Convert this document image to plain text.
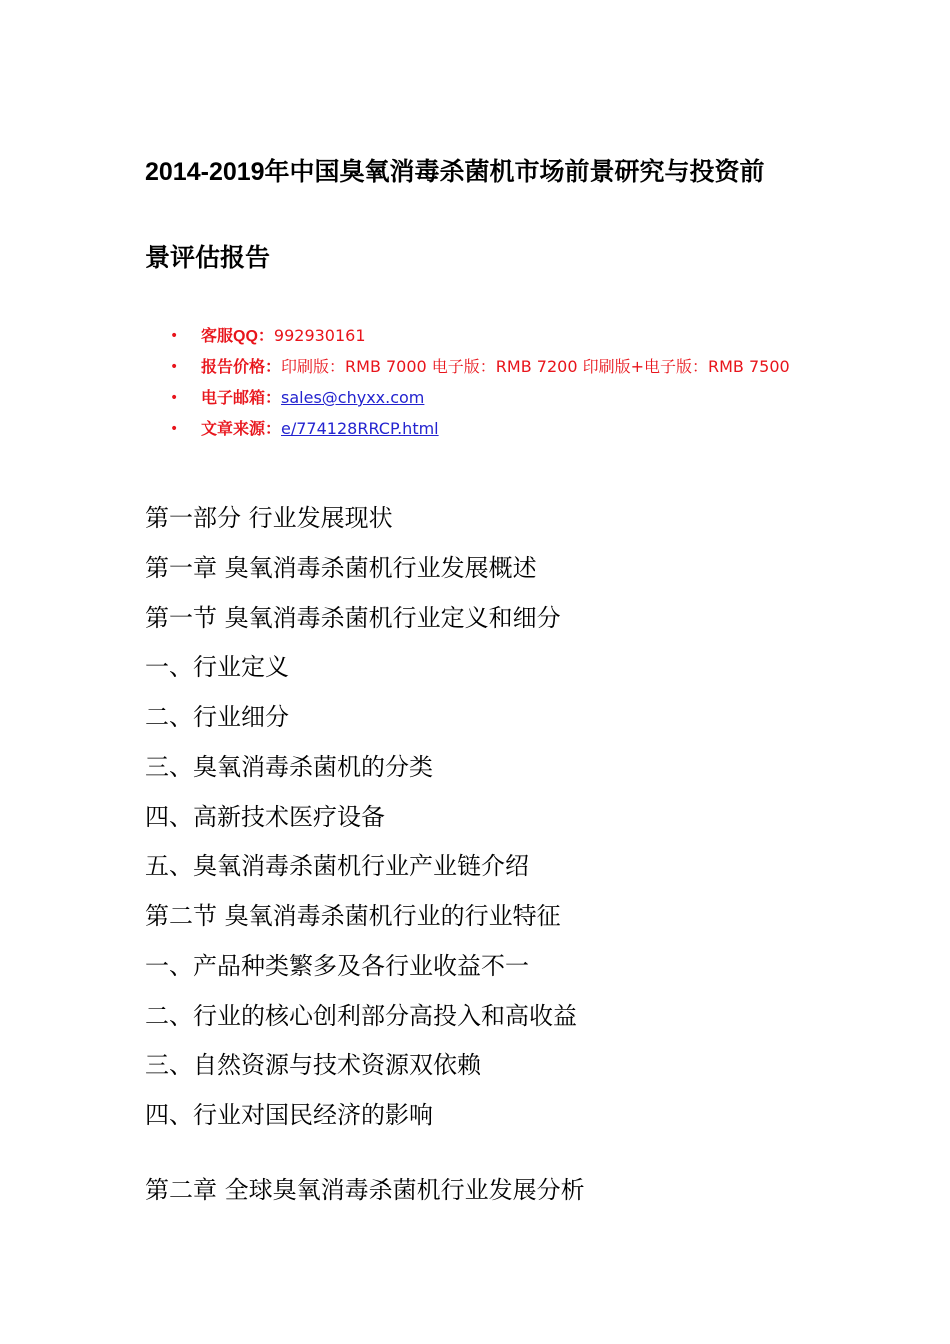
2014-2019年中国臭氧消毒杀菌机市场前景研究与投资前
景评估报告
• 客服QQ：992930161
• 报告价格：印刷版：RMB 7000 电子版：RMB 7200 印刷版+电子版：RMB 7500
• 电子邮箱：sales@chyxx.com
• 文章来源：e/774128RRCP.html

第一部分 行业发展现状

第一章 臭氧消毒杀菌机行业发展概述

第一节 臭氧消毒杀菌机行业定义和细分

一、行业定义

二、行业细分

三、臭氧消毒杀菌机的分类

四、高新技术医疗设备

五、臭氧消毒杀菌机行业产业链介绍

第二节 臭氧消毒杀菌机行业的行业特征

一、产品种类繁多及各行业收益不一

二、行业的核心创利部分高投入和高收益

三、自然资源与技术资源双依赖

四、行业对国民经济的影响

第二章 全球臭氧消毒杀菌机行业发展分析
